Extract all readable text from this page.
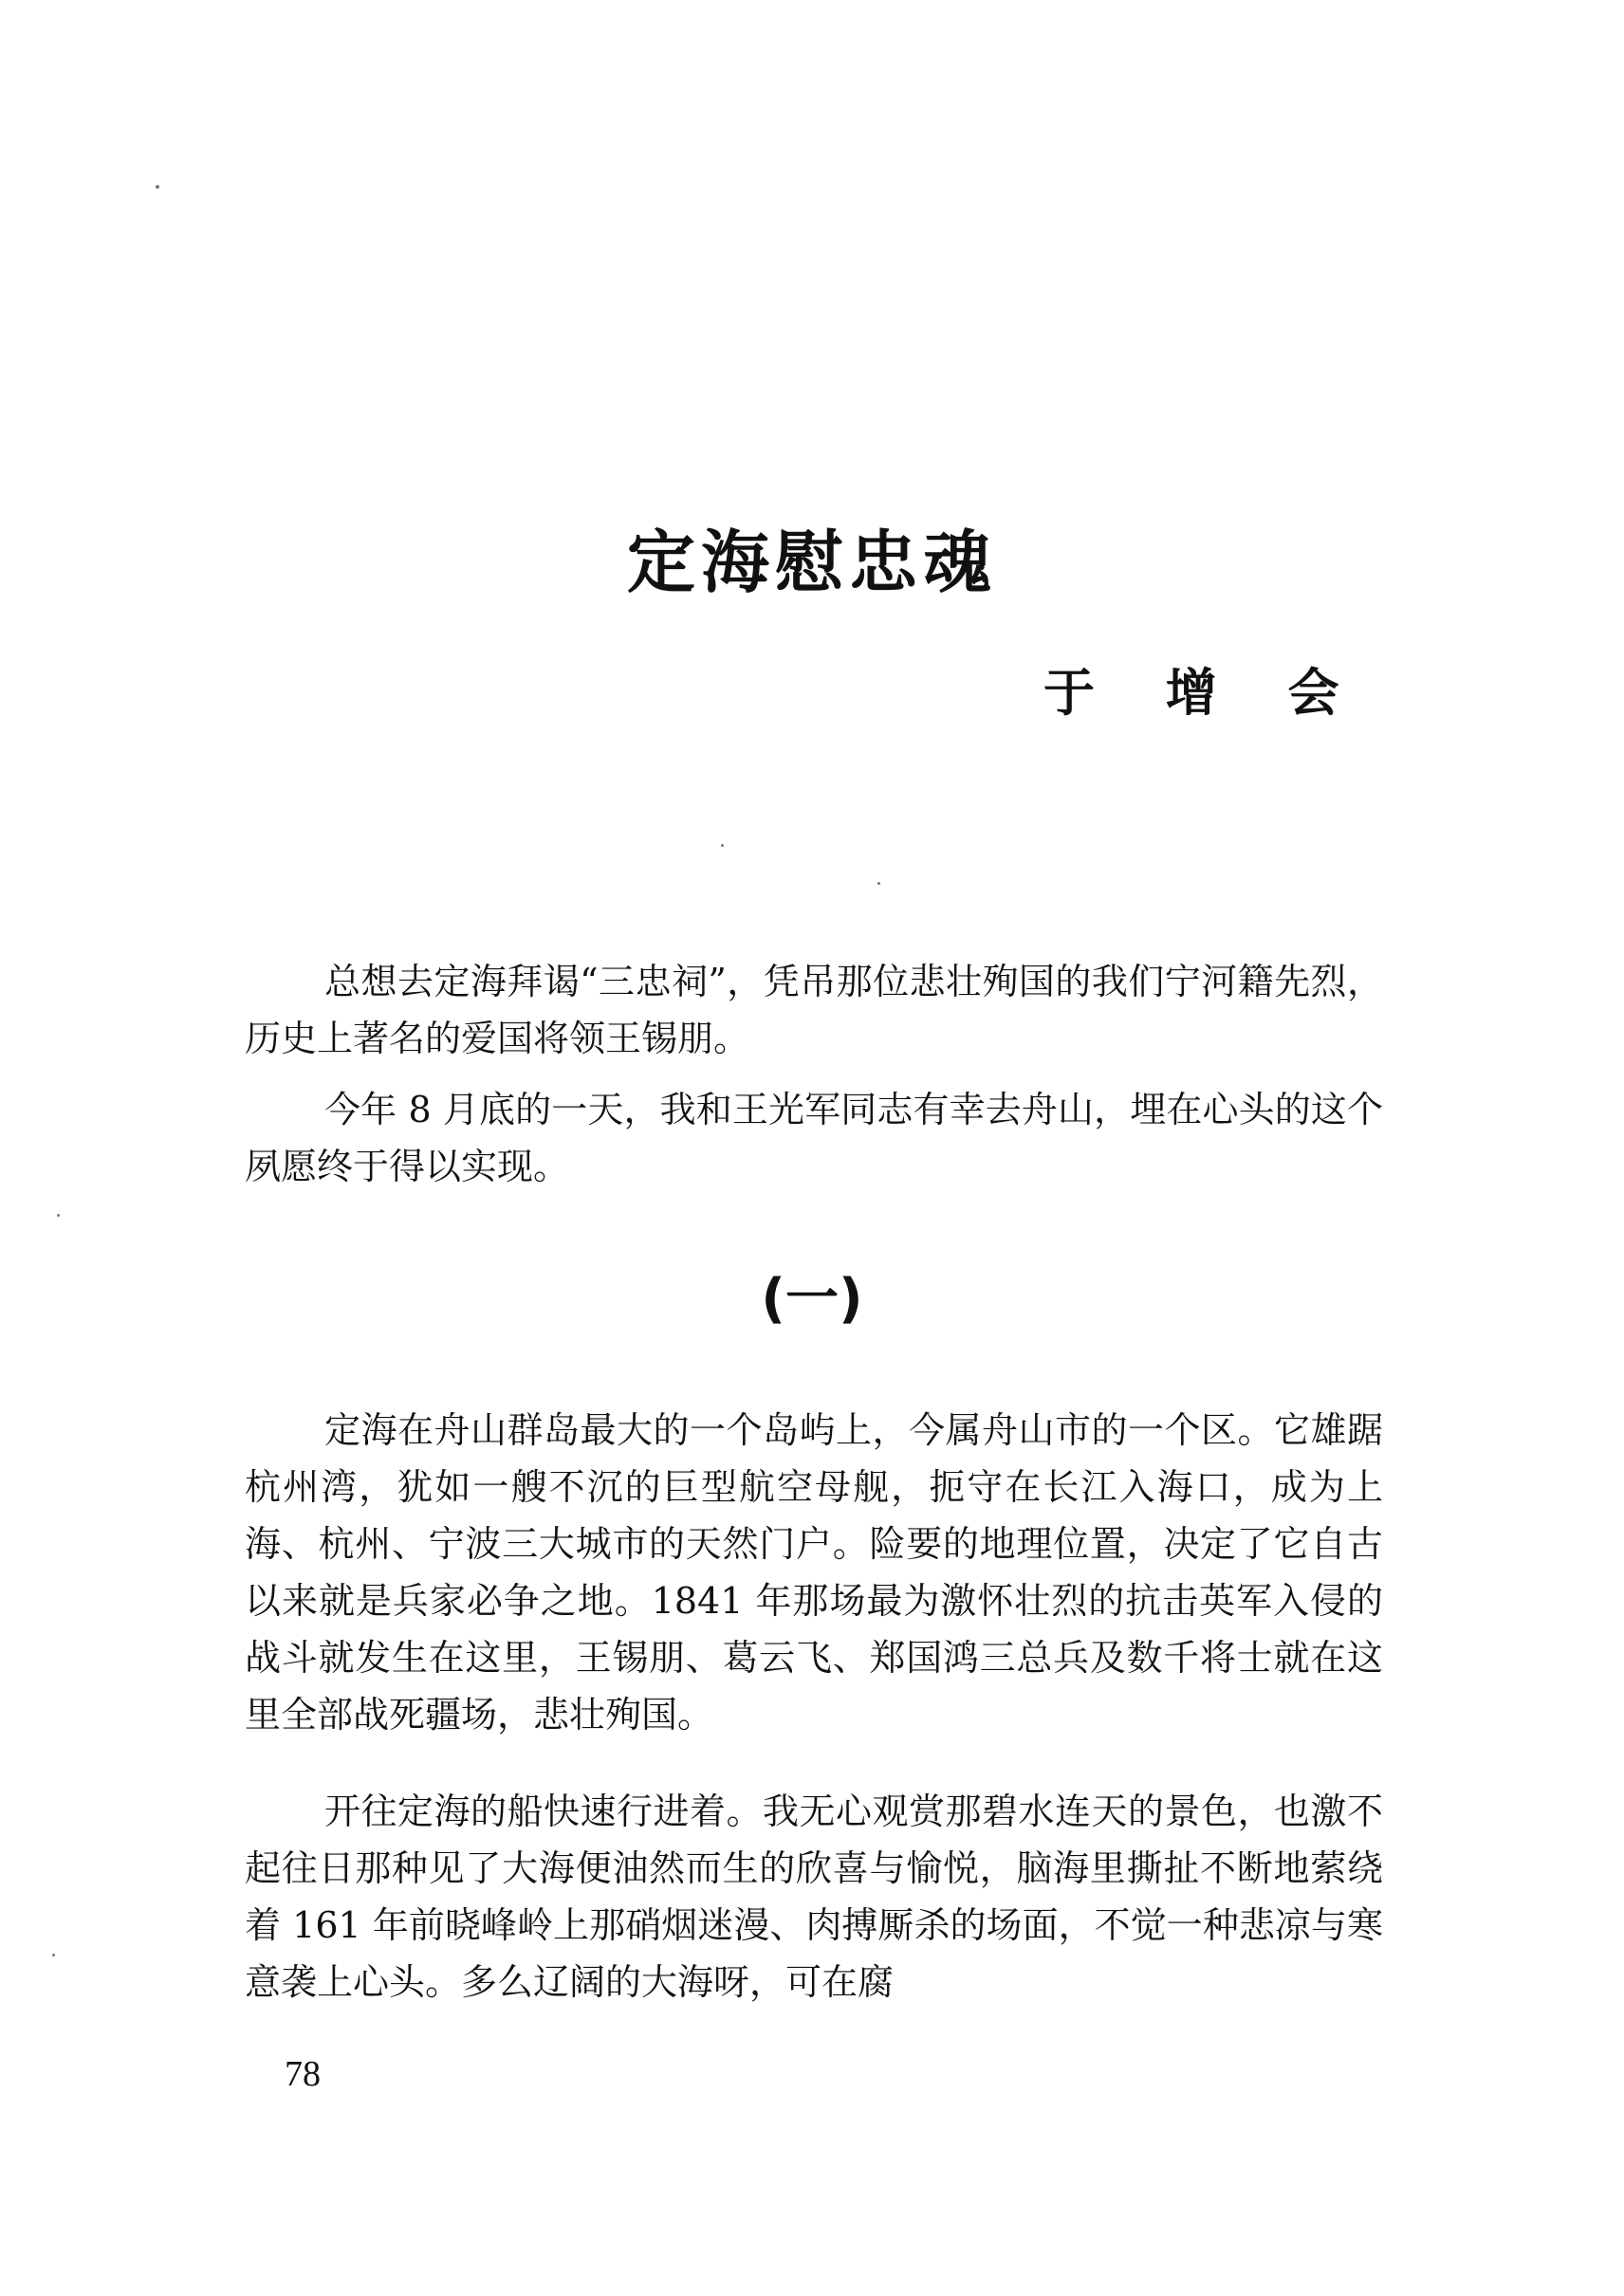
定海慰忠魂
于 增 会

总想去定海拜谒“三忠祠”，凭吊那位悲壮殉国的我们宁河籍先烈，历史上著名的爱国将领王锡朋。

今年 8 月底的一天，我和王光军同志有幸去舟山，埋在心头的这个夙愿终于得以实现。

(一)

定海在舟山群岛最大的一个岛屿上，今属舟山市的一个区。它雄踞杭州湾，犹如一艘不沉的巨型航空母舰，扼守在长江入海口，成为上海、杭州、宁波三大城市的天然门户。险要的地理位置，决定了它自古以来就是兵家必争之地。1841 年那场最为激怀壮烈的抗击英军入侵的战斗就发生在这里，王锡朋、葛云飞、郑国鸿三总兵及数千将士就在这里全部战死疆场，悲壮殉国。

开往定海的船快速行进着。我无心观赏那碧水连天的景色，也激不起往日那种见了大海便油然而生的欣喜与愉悦，脑海里撕扯不断地萦绕着 161 年前晓峰岭上那硝烟迷漫、肉搏厮杀的场面，不觉一种悲凉与寒意袭上心头。多么辽阔的大海呀，可在腐

78
